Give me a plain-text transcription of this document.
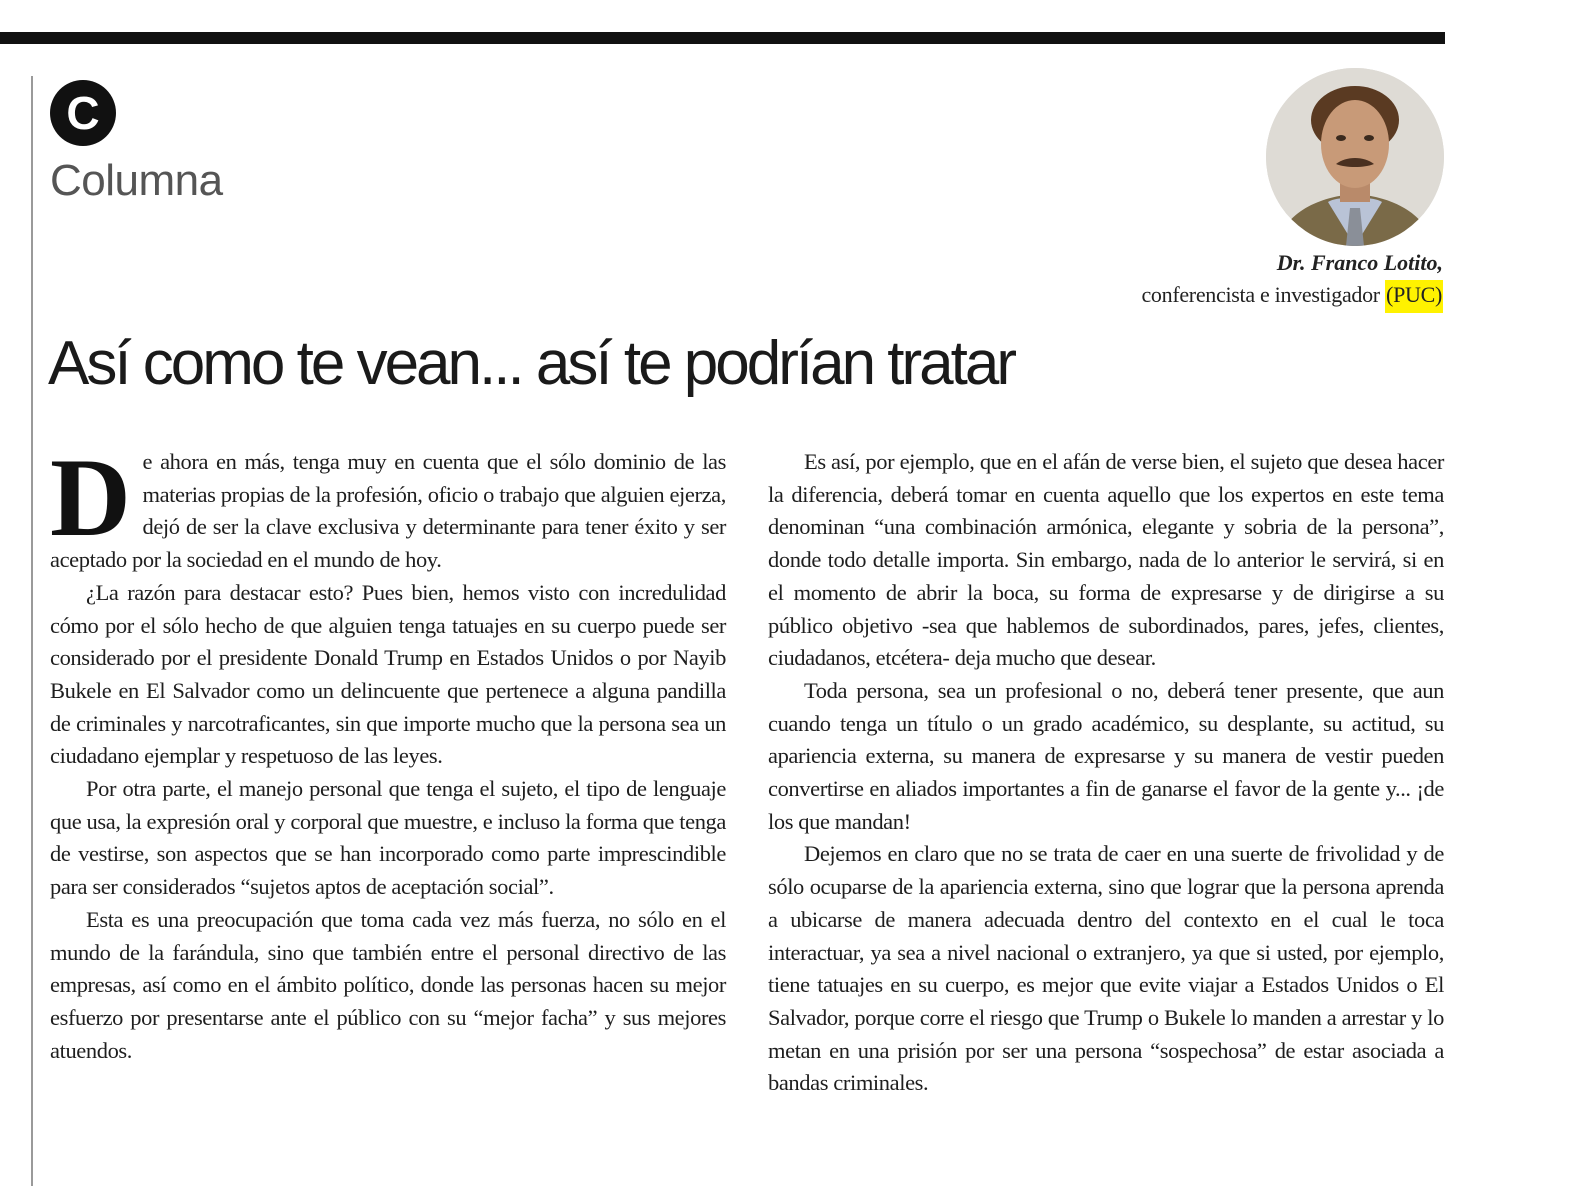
C
Columna
Dr. Franco Lotito,
conferencista e investigador (PUC)
Así como te vean... así te podrían tratar

De ahora en más, tenga muy en cuenta que el sólo dominio de las materias propias de la profesión, oficio o trabajo que alguien ejerza, dejó de ser la clave exclusiva y determinante para tener éxito y ser aceptado por la sociedad en el mundo de hoy.

¿La razón para destacar esto? Pues bien, hemos visto con incredulidad cómo por el sólo hecho de que alguien tenga tatuajes en su cuerpo puede ser considerado por el presidente Donald Trump en Estados Unidos o por Nayib Bukele en El Salvador como un delincuente que pertenece a alguna pandilla de criminales y narcotraficantes, sin que importe mucho que la persona sea un ciudadano ejemplar y respetuoso de las leyes.

Por otra parte, el manejo personal que tenga el sujeto, el tipo de lenguaje que usa, la expresión oral y corporal que muestre, e incluso la forma que tenga de vestirse, son aspectos que se han incorporado como parte imprescindible para ser considerados “sujetos aptos de aceptación social”.

Esta es una preocupación que toma cada vez más fuerza, no sólo en el mundo de la farándula, sino que también entre el personal directivo de las empresas, así como en el ámbito político, donde las personas hacen su mejor esfuerzo por presentarse ante el público con su “mejor facha” y sus mejores atuendos.

Es así, por ejemplo, que en el afán de verse bien, el sujeto que desea hacer la diferencia, deberá tomar en cuenta aquello que los expertos en este tema denominan “una combinación armónica, elegante y sobria de la persona”, donde todo detalle importa. Sin embargo, nada de lo anterior le servirá, si en el momento de abrir la boca, su forma de expresarse y de dirigirse a su público objetivo -sea que hablemos de subordinados, pares, jefes, clientes, ciudadanos, etcétera- deja mucho que desear.

Toda persona, sea un profesional o no, deberá tener presente, que aun cuando tenga un título o un grado académico, su desplante, su actitud, su apariencia externa, su manera de expresarse y su manera de vestir pueden convertirse en aliados importantes a fin de ganarse el favor de la gente y... ¡de los que mandan!

Dejemos en claro que no se trata de caer en una suerte de frivolidad y de sólo ocuparse de la apariencia externa, sino que lograr que la persona aprenda a ubicarse de manera adecuada dentro del contexto en el cual le toca interactuar, ya sea a nivel nacional o extranjero, ya que si usted, por ejemplo, tiene tatuajes en su cuerpo, es mejor que evite viajar a Estados Unidos o El Salvador, porque corre el riesgo que Trump o Bukele lo manden a arrestar y lo metan en una prisión por ser una persona “sospechosa” de estar asociada a bandas criminales.
